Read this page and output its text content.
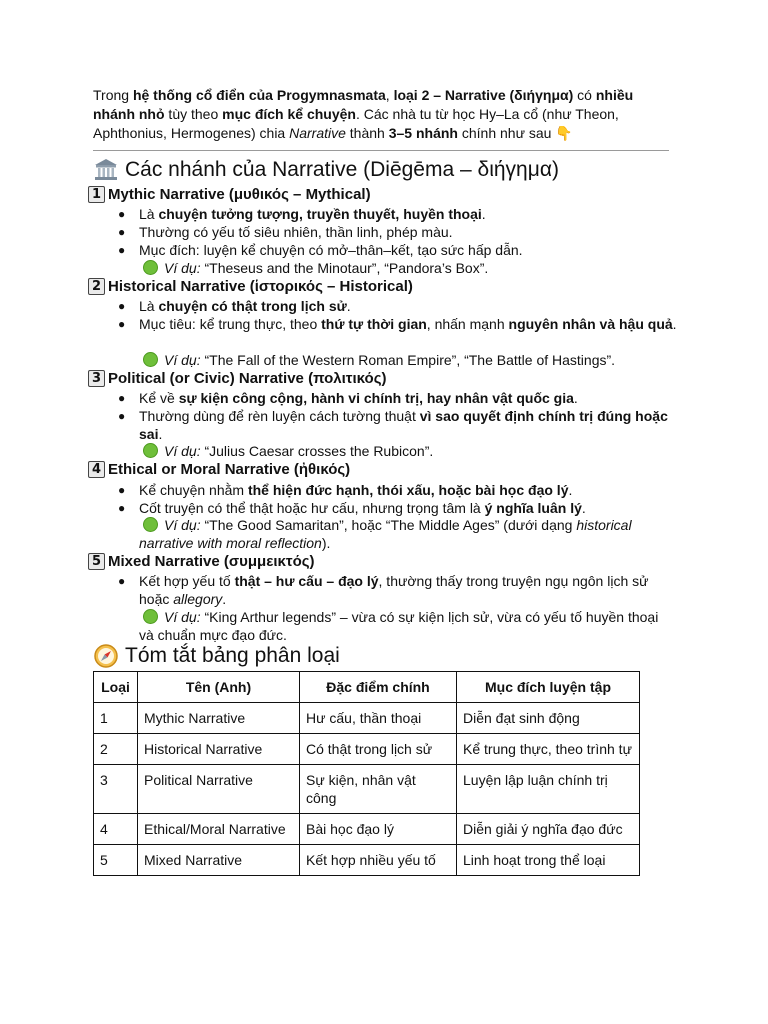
Trong hệ thống cổ điển của Progymnasmata, loại 2 – Narrative (διήγημα) có nhiều nhánh nhỏ tùy theo mục đích kể chuyện. Các nhà tu từ học Hy–La cổ (như Theon, Aphthonius, Hermogenes) chia Narrative thành 3–5 nhánh chính như sau 👇
Các nhánh của Narrative (Diēgēma – διήγημα)
1 Mythic Narrative (μυθικός – Mythical)
● Là chuyện tưởng tượng, truyền thuyết, huyền thoại.
● Thường có yếu tố siêu nhiên, thần linh, phép màu.
● Mục đích: luyện kể chuyện có mở–thân–kết, tạo sức hấp dẫn.
Ví dụ: “Theseus and the Minotaur”, “Pandora’s Box”.
2 Historical Narrative (ἱστορικός – Historical)
● Là chuyện có thật trong lịch sử.
● Mục tiêu: kể trung thực, theo thứ tự thời gian, nhấn mạnh nguyên nhân và hậu quả.
Ví dụ: “The Fall of the Western Roman Empire”, “The Battle of Hastings”.
3 Political (or Civic) Narrative (πολιτικός)
● Kể về sự kiện công cộng, hành vi chính trị, hay nhân vật quốc gia.
● Thường dùng để rèn luyện cách tường thuật vì sao quyết định chính trị đúng hoặc sai.
Ví dụ: “Julius Caesar crosses the Rubicon”.
4 Ethical or Moral Narrative (ἠθικός)
● Kể chuyện nhằm thể hiện đức hạnh, thói xấu, hoặc bài học đạo lý.
● Cốt truyện có thể thật hoặc hư cấu, nhưng trọng tâm là ý nghĩa luân lý.
Ví dụ: “The Good Samaritan”, hoặc “The Middle Ages” (dưới dạng historical narrative with moral reflection).
5 Mixed Narrative (συμμεικτός)
● Kết hợp yếu tố thật – hư cấu – đạo lý, thường thấy trong truyện ngụ ngôn lịch sử hoặc allegory.
Ví dụ: “King Arthur legends” – vừa có sự kiện lịch sử, vừa có yếu tố huyền thoại và chuẩn mực đạo đức.
Tóm tắt bảng phân loại
Loại	Tên (Anh)	Đặc điểm chính	Mục đích luyện tập
1	Mythic Narrative	Hư cấu, thần thoại	Diễn đạt sinh động
2	Historical Narrative	Có thật trong lịch sử	Kể trung thực, theo trình tự
3	Political Narrative	Sự kiện, nhân vật công	Luyện lập luận chính trị
4	Ethical/Moral Narrative	Bài học đạo lý	Diễn giải ý nghĩa đạo đức
5	Mixed Narrative	Kết hợp nhiều yếu tố	Linh hoạt trong thể loại
